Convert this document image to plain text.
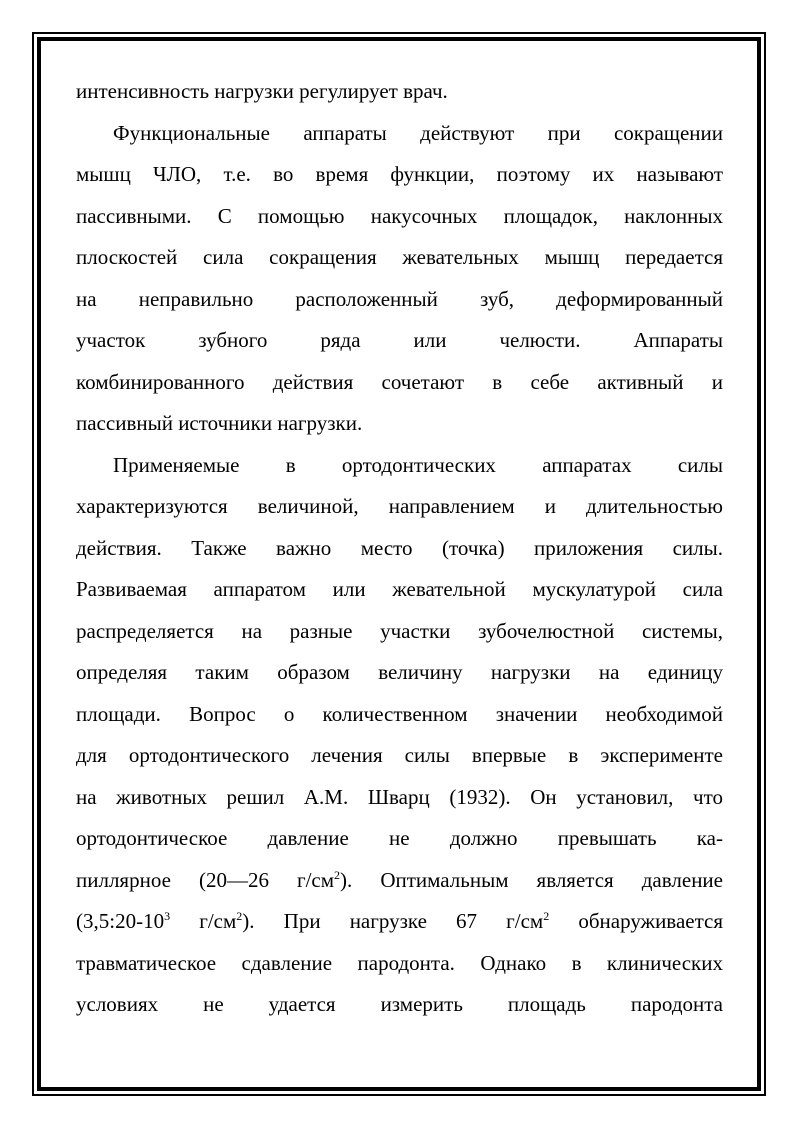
интенсивность нагрузки регулирует врач.
Функциональные аппараты действуют при сокращении
мышц ЧЛО, т.е. во время функции, поэтому их называют
пассивными. С помощью накусочных площадок, наклонных
плоскостей сила сокращения жевательных мышц передается
на неправильно расположенный зуб, деформированный
участок зубного ряда или челюсти. Аппараты
комбинированного действия сочетают в себе активный и
пассивный источники нагрузки.
Применяемые в ортодонтических аппаратах силы
характеризуются величиной, направлением и длительностью
действия. Также важно место (точка) приложения силы.
Развиваемая аппаратом или жевательной мускулатурой сила
распределяется на разные участки зубочелюстной системы,
определяя таким образом величину нагрузки на единицу
площади. Вопрос о количественном значении необходимой
для ортодонтического лечения силы впервые в эксперименте
на животных решил А.М. Шварц (1932). Он установил, что
ортодонтическое давление не должно превышать ка-
пиллярное (20—26 $г/см^2$). Оптимальным является давление
($3,5:20-10^3$ $г/см^2$). При нагрузке 67 $г/см^2$ обнаруживается
травматическое сдавление пародонта. Однако в клинических
условиях не удается измерить площадь пародонта
